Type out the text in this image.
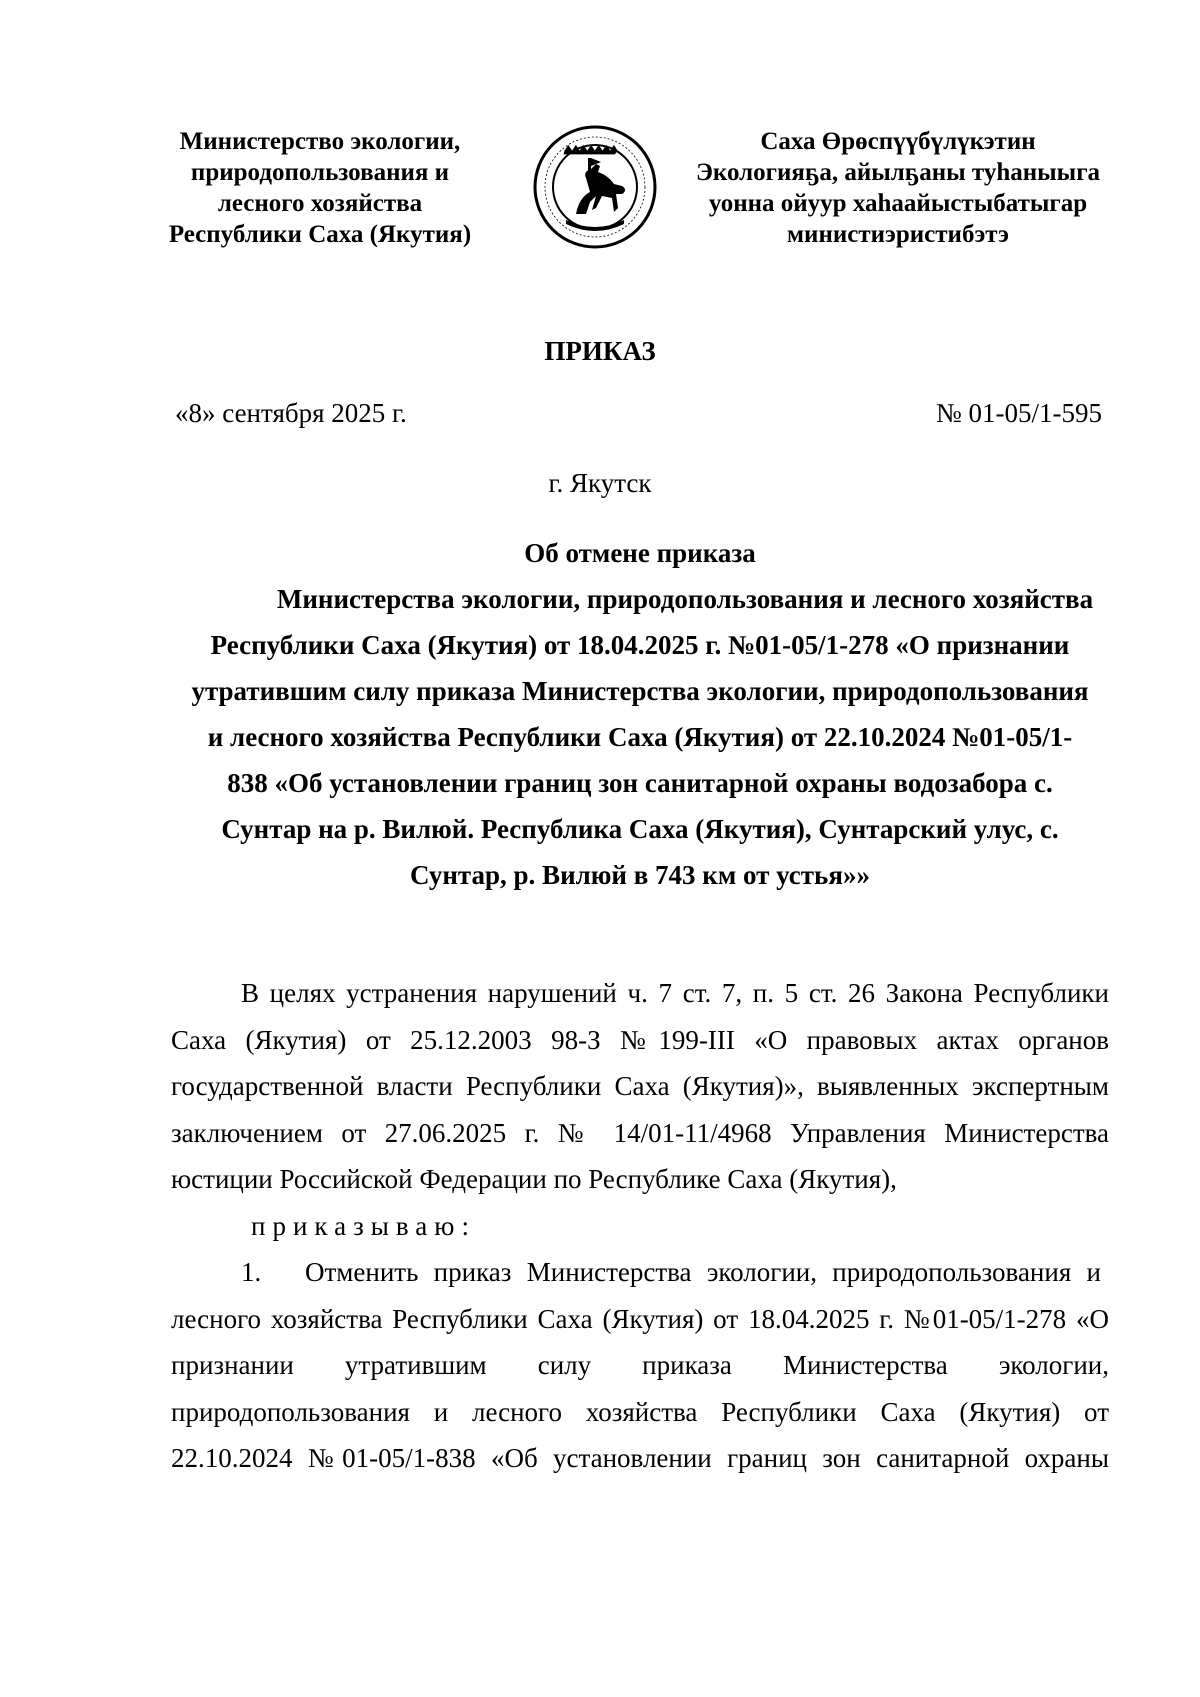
Министерство экологии,
природопользования и
лесного хозяйства
Республики Саха (Якутия)
Саха Өрөспүүбүлүкэтин
Экологияҕа, айылҕаны туһаныыга
уонна ойуур хаһаайыстыбатыгар
министиэристибэтэ
ПРИКАЗ
«8» сентября 2025 г.	№ 01-05/1-595
г. Якутск
Об отмене приказа
Министерства экологии, природопользования и лесного хозяйства
Республики Саха (Якутия) от 18.04.2025 г. №01-05/1-278 «О признании
утратившим силу приказа Министерства экологии, природопользования
и лесного хозяйства Республики Саха (Якутия) от 22.10.2024 №01-05/1-
838 «Об установлении границ зон санитарной охраны водозабора с.
Сунтар на р. Вилюй. Республика Саха (Якутия), Сунтарский улус, с.
Сунтар, р. Вилюй в 743 км от устья»»
В целях устранения нарушений ч. 7 ст. 7, п. 5 ст. 26 Закона Республики
Саха (Якутия) от 25.12.2003 98-З №199-III «О правовых актах органов
государственной власти Республики Саха (Якутия)», выявленных экспертным
заключением от 27.06.2025 г. № 14/01-11/4968 Управления Министерства
юстиции Российской Федерации по Республике Саха (Якутия),

приказываю:

1. Отменить приказ Министерства экологии, природопользования и
лесного хозяйства Республики Саха (Якутия) от 18.04.2025 г. №01-05/1-278 «О
признании утратившим силу приказа Министерства экологии,
природопользования и лесного хозяйства Республики Саха (Якутия) от
22.10.2024 №01-05/1-838 «Об установлении границ зон санитарной охраны
